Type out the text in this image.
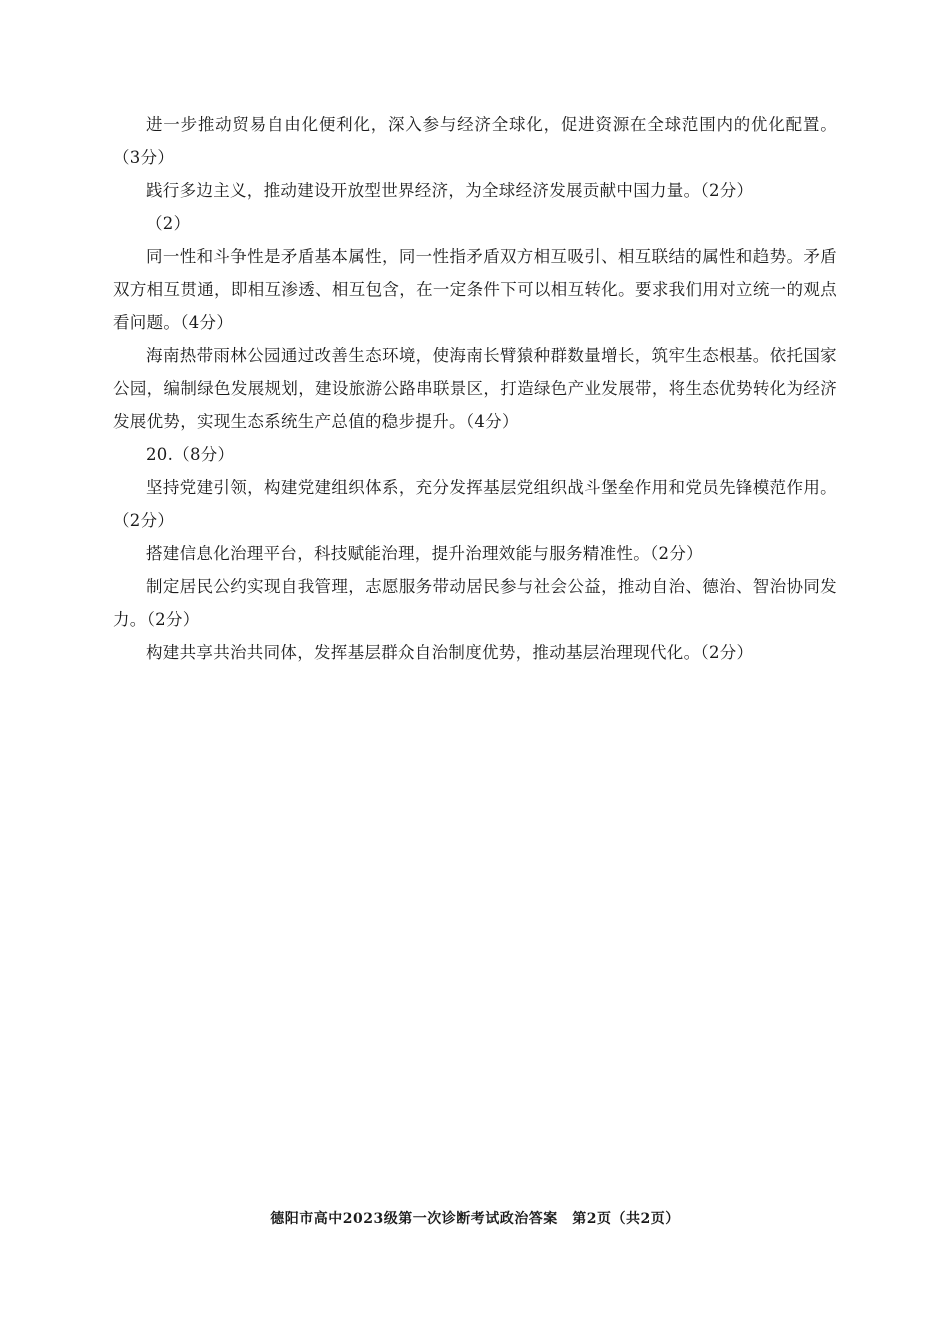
进一步推动贸易自由化便利化，深入参与经济全球化，促进资源在全球范围内的优化配置。（3分）

践行多边主义，推动建设开放型世界经济，为全球经济发展贡献中国力量。（2分）

（2）

同一性和斗争性是矛盾基本属性，同一性指矛盾双方相互吸引、相互联结的属性和趋势。矛盾双方相互贯通，即相互渗透、相互包含，在一定条件下可以相互转化。要求我们用对立统一的观点看问题。（4分）

海南热带雨林公园通过改善生态环境，使海南长臂猿种群数量增长，筑牢生态根基。依托国家公园，编制绿色发展规划，建设旅游公路串联景区，打造绿色产业发展带，将生态优势转化为经济发展优势，实现生态系统生产总值的稳步提升。（4分）

20.（8分）

坚持党建引领，构建党建组织体系，充分发挥基层党组织战斗堡垒作用和党员先锋模范作用。（2分）

搭建信息化治理平台，科技赋能治理，提升治理效能与服务精准性。（2分）

制定居民公约实现自我管理，志愿服务带动居民参与社会公益，推动自治、德治、智治协同发力。（2分）

构建共享共治共同体，发挥基层群众自治制度优势，推动基层治理现代化。（2分）

德阳市高中2023级第一次诊断考试政治答案　第2页（共2页）
